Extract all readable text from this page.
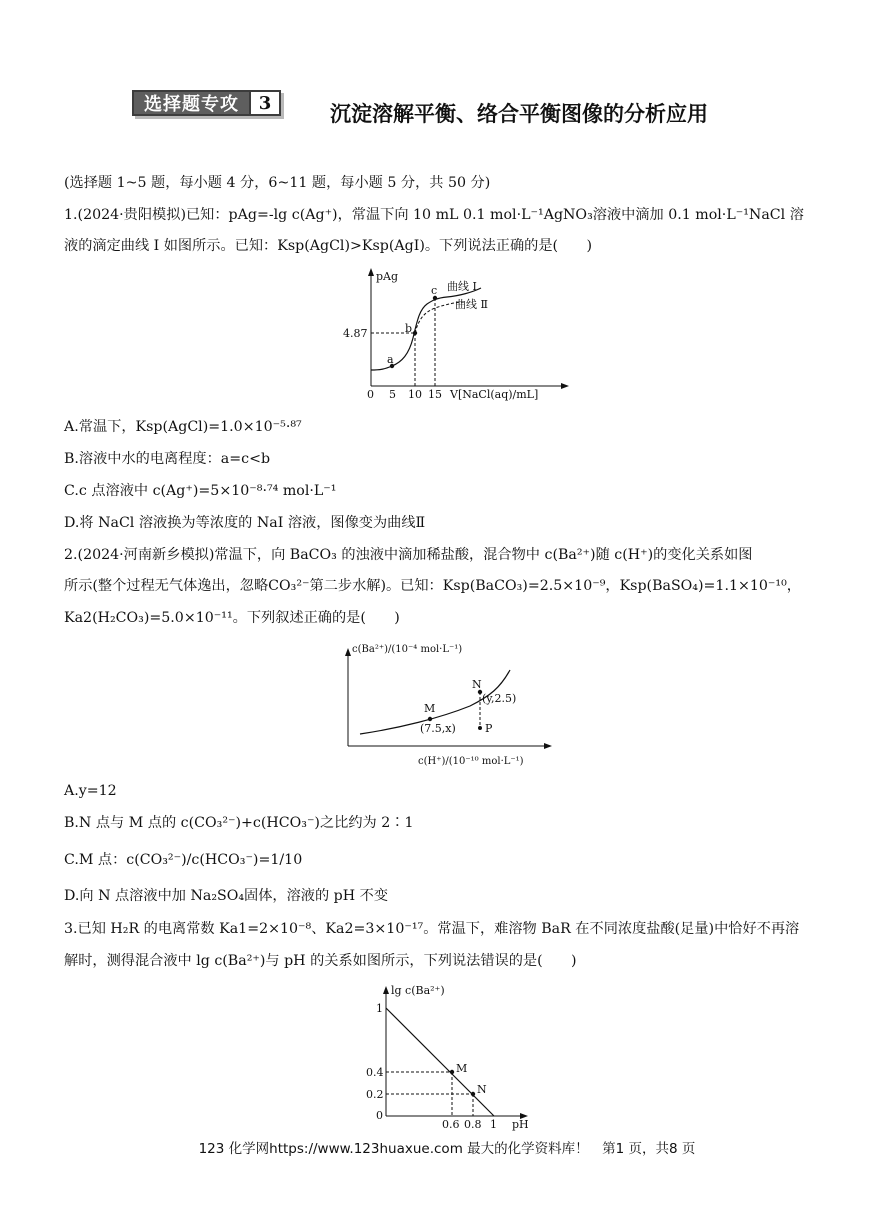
选择题专攻	3	沉淀溶解平衡、络合平衡图像的分析应用
(选择题 1~5 题，每小题 4 分，6~11 题，每小题 5 分，共 50 分)
1.(2024·贵阳模拟)已知：pAg=-lg c(Ag⁺)，常温下向 10 mL 0.1 mol·L⁻¹AgNO₃溶液中滴加 0.1 mol·L⁻¹NaCl 溶
液的滴定曲线 I 如图所示。已知：Ksp(AgCl)>Ksp(AgI)。下列说法正确的是(　　)
pAg
4.87
a
b
c 曲线 I
曲线 Ⅱ
0 5 10 15 V[NaCl(aq)/mL]
A.常温下，Ksp(AgCl)=1.0×10⁻⁵·⁸⁷
B.溶液中水的电离程度：a=c<b
C.c 点溶液中 c(Ag⁺)=5×10⁻⁸·⁷⁴ mol·L⁻¹
D.将 NaCl 溶液换为等浓度的 NaI 溶液，图像变为曲线Ⅱ
2.(2024·河南新乡模拟)常温下，向 BaCO₃ 的浊液中滴加稀盐酸，混合物中 c(Ba²⁺)随 c(H⁺)的变化关系如图
所示(整个过程无气体逸出，忽略CO₃²⁻第二步水解)。已知：Ksp(BaCO₃)=2.5×10⁻⁹，Ksp(BaSO₄)=1.1×10⁻¹⁰，
Ka2(H₂CO₃)=5.0×10⁻¹¹。下列叙述正确的是(　　)
c(Ba²⁺)/(10⁻⁴ mol·L⁻¹)
M
(7.5,x)
N
(y,2.5)
P
c(H⁺)/(10⁻¹⁰ mol·L⁻¹)
A.y=12
B.N 点与 M 点的 c(CO₃²⁻)+c(HCO₃⁻)之比约为 2∶1
C.M 点：c(CO₃²⁻)/c(HCO₃⁻)=1/10
D.向 N 点溶液中加 Na₂SO₄固体，溶液的 pH 不变
3.已知 H₂R 的电离常数 Ka1=2×10⁻⁸、Ka2=3×10⁻¹⁷。常温下，难溶物 BaR 在不同浓度盐酸(足量)中恰好不再溶
解时，测得混合液中 lg c(Ba²⁺)与 pH 的关系如图所示，下列说法错误的是(　　)
lg c(Ba²⁺)
M
N
1
0.4
0.2
0
0.6 0.8 1 pH
123 化学网https://www.123huaxue.com 最大的化学资料库！　第1 页，共8 页
